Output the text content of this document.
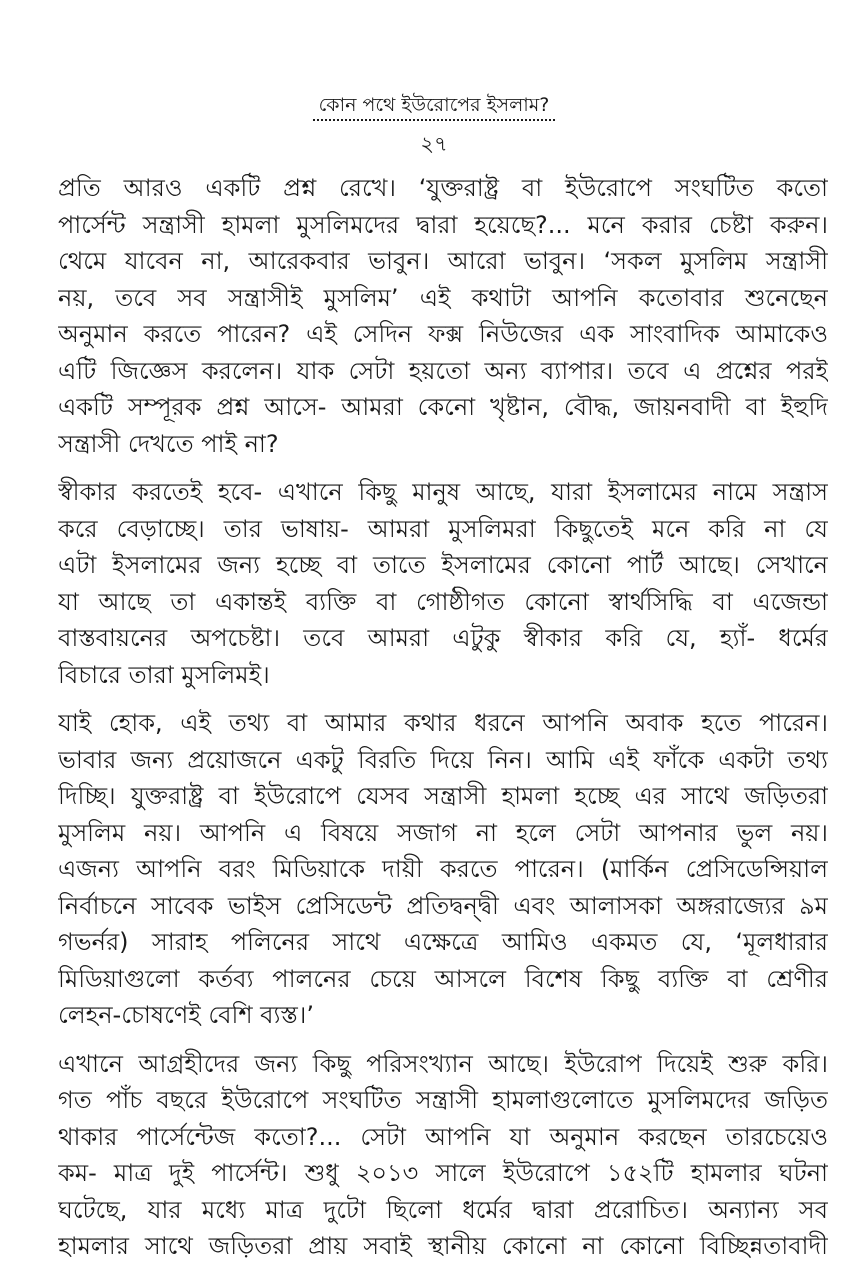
কোন পথে ইউরোপের ইসলাম?
২৭
প্রতি আরও একটি প্রশ্ন রেখে। ‘যুক্তরাষ্ট্র বা ইউরোপে সংঘটিত কতো
পার্সেন্ট সন্ত্রাসী হামলা মুসলিমদের দ্বারা হয়েছে?... মনে করার চেষ্টা করুন।
থেমে যাবেন না, আরেকবার ভাবুন। আরো ভাবুন। ‘সকল মুসলিম সন্ত্রাসী
নয়, তবে সব সন্ত্রাসীই মুসলিম’ এই কথাটা আপনি কতোবার শুনেছেন
অনুমান করতে পারেন? এই সেদিন ফক্স নিউজের এক সাংবাদিক আমাকেও
এটি জিজ্ঞেস করলেন। যাক সেটা হয়তো অন্য ব্যাপার। তবে এ প্রশ্নের পরই
একটি সম্পূরক প্রশ্ন আসে- আমরা কেনো খৃষ্টান, বৌদ্ধ, জায়নবাদী বা ইহুদি
সন্ত্রাসী দেখতে পাই না?
স্বীকার করতেই হবে- এখানে কিছু মানুষ আছে, যারা ইসলামের নামে সন্ত্রাস
করে বেড়াচ্ছে। তার ভাষায়- আমরা মুসলিমরা কিছুতেই মনে করি না যে
এটা ইসলামের জন্য হচ্ছে বা তাতে ইসলামের কোনো পার্ট আছে। সেখানে
যা আছে তা একান্তই ব্যক্তি বা গোষ্ঠীগত কোনো স্বার্থসিদ্ধি বা এজেন্ডা
বাস্তবায়নের অপচেষ্টা। তবে আমরা এটুকু স্বীকার করি যে, হ্যাঁ- ধর্মের
বিচারে তারা মুসলিমই।
যাই হোক, এই তথ্য বা আমার কথার ধরনে আপনি অবাক হতে পারেন।
ভাবার জন্য প্রয়োজনে একটু বিরতি দিয়ে নিন। আমি এই ফাঁকে একটা তথ্য
দিচ্ছি। যুক্তরাষ্ট্র বা ইউরোপে যেসব সন্ত্রাসী হামলা হচ্ছে এর সাথে জড়িতরা
মুসলিম নয়। আপনি এ বিষয়ে সজাগ না হলে সেটা আপনার ভুল নয়।
এজন্য আপনি বরং মিডিয়াকে দায়ী করতে পারেন। (মার্কিন প্রেসিডেন্সিয়াল
নির্বাচনে সাবেক ভাইস প্রেসিডেন্ট প্রতিদ্বন্দ্বী এবং আলাসকা অঙ্গরাজ্যের ৯ম
গভর্নর) সারাহ পলিনের সাথে এক্ষেত্রে আমিও একমত যে, ‘মূলধারার
মিডিয়াগুলো কর্তব্য পালনের চেয়ে আসলে বিশেষ কিছু ব্যক্তি বা শ্রেণীর
লেহন-চোষণেই বেশি ব্যস্ত।’
এখানে আগ্রহীদের জন্য কিছু পরিসংখ্যান আছে। ইউরোপ দিয়েই শুরু করি।
গত পাঁচ বছরে ইউরোপে সংঘটিত সন্ত্রাসী হামলাগুলোতে মুসলিমদের জড়িত
থাকার পার্সেন্টেজ কতো?... সেটা আপনি যা অনুমান করছেন তারচেয়েও
কম- মাত্র দুই পার্সেন্ট। শুধু ২০১৩ সালে ইউরোপে ১৫২টি হামলার ঘটনা
ঘটেছে, যার মধ্যে মাত্র দুটো ছিলো ধর্মের দ্বারা প্ররোচিত। অন্যান্য সব
হামলার সাথে জড়িতরা প্রায় সবাই স্থানীয় কোনো না কোনো বিচ্ছিন্নতাবাদী
